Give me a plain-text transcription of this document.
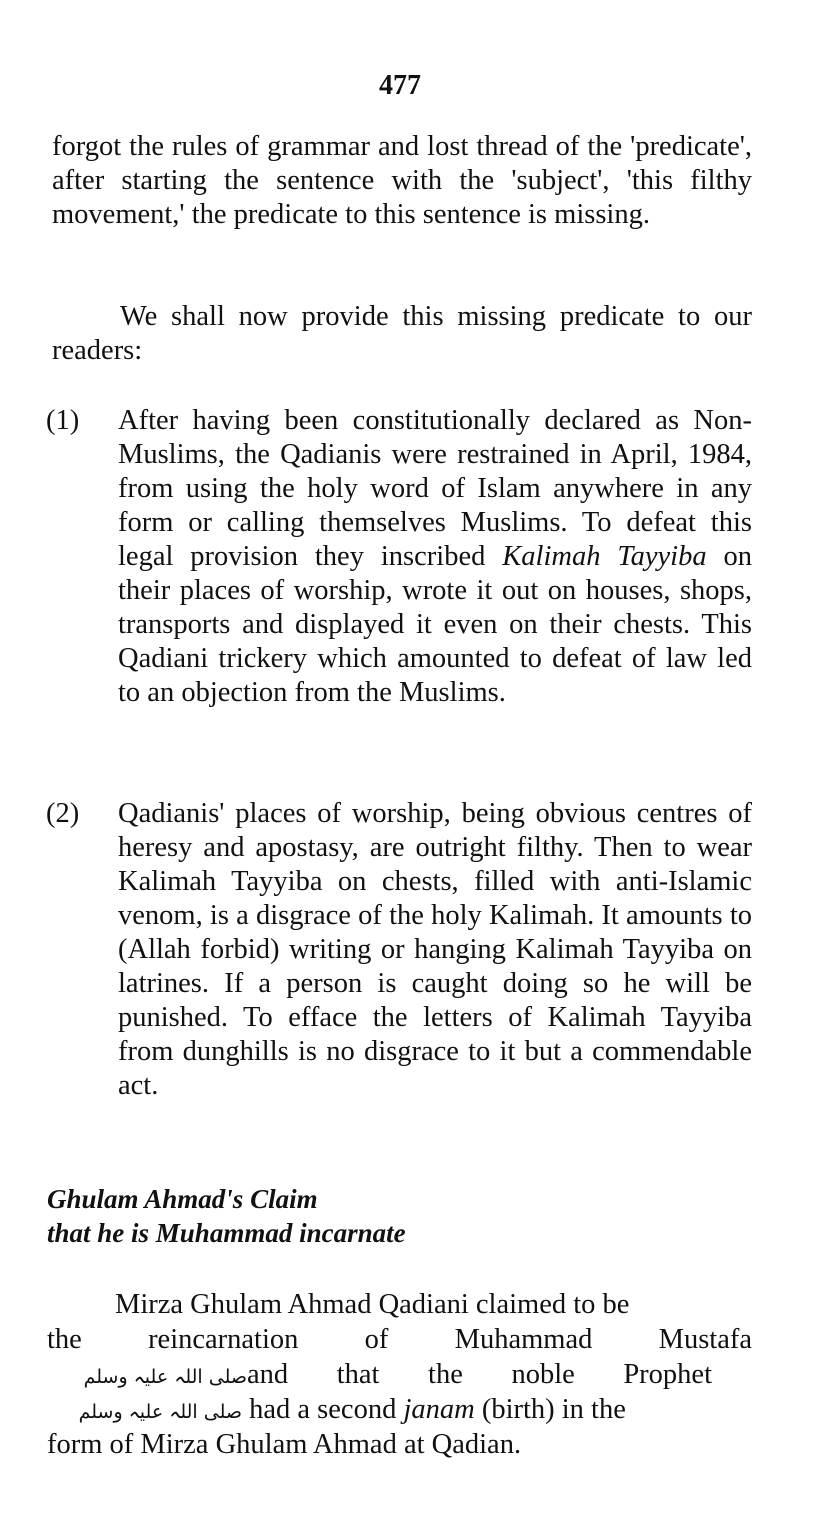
477

forgot the rules of grammar and lost thread of the 'predicate', after starting the sentence with the 'subject', 'this filthy movement,' the predicate to this sentence is missing.

We shall now provide this missing predicate to our readers:

(1) After having been constitutionally declared as Non-Muslims, the Qadianis were restrained in April, 1984, from using the holy word of Islam anywhere in any form or calling themselves Muslims. To defeat this legal provision they inscribed Kalimah Tayyiba on their places of worship, wrote it out on houses, shops, transports and displayed it even on their chests. This Qadiani trickery which amounted to defeat of law led to an objection from the Muslims.
(2) Qadianis' places of worship, being obvious centres of heresy and apostasy, are outright filthy. Then to wear Kalimah Tayyiba on chests, filled with anti-Islamic venom, is a disgrace of the holy Kalimah. It amounts to (Allah forbid) writing or hanging Kalimah Tayyiba on latrines. If a person is caught doing so he will be punished. To efface the letters of Kalimah Tayyiba from dunghills is no disgrace to it but a commendable act.
Ghulam Ahmad's Claim
that he is Muhammad incarnate
Mirza Ghulam Ahmad Qadiani claimed to be
the reincarnation of Muhammad Mustafa
صلی اللہ علیہ وسلمand that the noble Prophet
صلی اللہ علیہ وسلم had a second janam (birth) in the
form of Mirza Ghulam Ahmad at Qadian.
